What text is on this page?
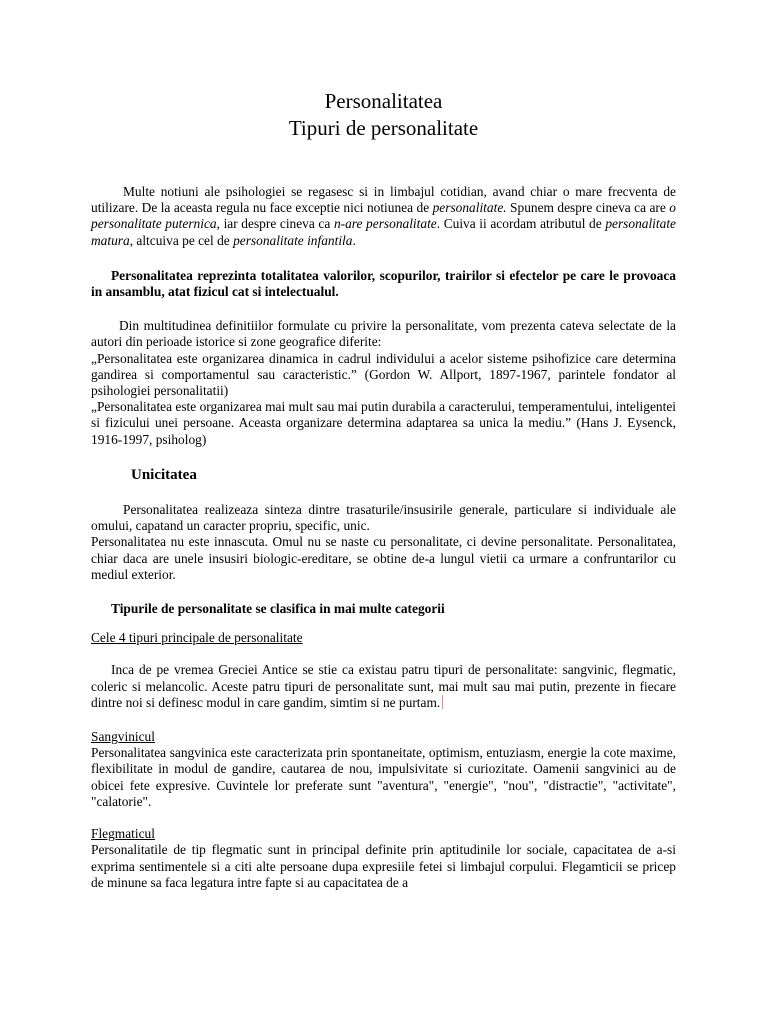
Personalitatea
Tipuri de personalitate

Multe notiuni ale psihologiei se regasesc si in limbajul cotidian, avand chiar o mare frecventa de utilizare. De la aceasta regula nu face exceptie nici notiunea de personalitate. Spunem despre cineva ca are o personalitate puternica, iar despre cineva ca n-are personalitate. Cuiva ii acordam atributul de personalitate matura, altcuiva pe cel de personalitate infantila.

Personalitatea reprezinta totalitatea valorilor, scopurilor, trairilor si efectelor pe care le provoaca in ansamblu, atat fizicul cat si intelectualul.

Din multitudinea definitiilor formulate cu privire la personalitate, vom prezenta cateva selectate de la autori din perioade istorice si zone geografice diferite:

„Personalitatea este organizarea dinamica in cadrul individului a acelor sisteme psihofizice care determina gandirea si comportamentul sau caracteristic.” (Gordon W. Allport, 1897-1967, parintele fondator al psihologiei personalitatii)

„Personalitatea este organizarea mai mult sau mai putin durabila a caracterului, temperamentului, inteligentei si fizicului unei persoane. Aceasta organizare determina adaptarea sa unica la mediu.” (Hans J. Eysenck, 1916-1997, psiholog)

Unicitatea

Personalitatea realizeaza sinteza dintre trasaturile/insusirile generale, particulare si individuale ale omului, capatand un caracter propriu, specific, unic.

Personalitatea nu este innascuta. Omul nu se naste cu personalitate, ci devine personalitate. Personalitatea, chiar daca are unele insusiri biologic-ereditare, se obtine de-a lungul vietii ca urmare a confruntarilor cu mediul exterior.

Tipurile de personalitate se clasifica in mai multe categorii

Cele 4 tipuri principale de personalitate

Inca de pe vremea Greciei Antice se stie ca existau patru tipuri de personalitate: sangvinic, flegmatic, coleric si melancolic. Aceste patru tipuri de personalitate sunt, mai mult sau mai putin, prezente in fiecare dintre noi si definesc modul in care gandim, simtim si ne purtam.

Sangvinicul

Personalitatea sangvinica este caracterizata prin spontaneitate, optimism, entuziasm, energie la cote maxime, flexibilitate in modul de gandire, cautarea de nou, impulsivitate si curiozitate. Oamenii sangvinici au de obicei fete expresive. Cuvintele lor preferate sunt "aventura", "energie", "nou", "distractie", "activitate", "calatorie".

Flegmaticul

Personalitatile de tip flegmatic sunt in principal definite prin aptitudinile lor sociale, capacitatea de a-si exprima sentimentele si a citi alte persoane dupa expresiile fetei si limbajul corpului. Flegamticii se pricep de minune sa faca legatura intre fapte si au capacitatea de a
